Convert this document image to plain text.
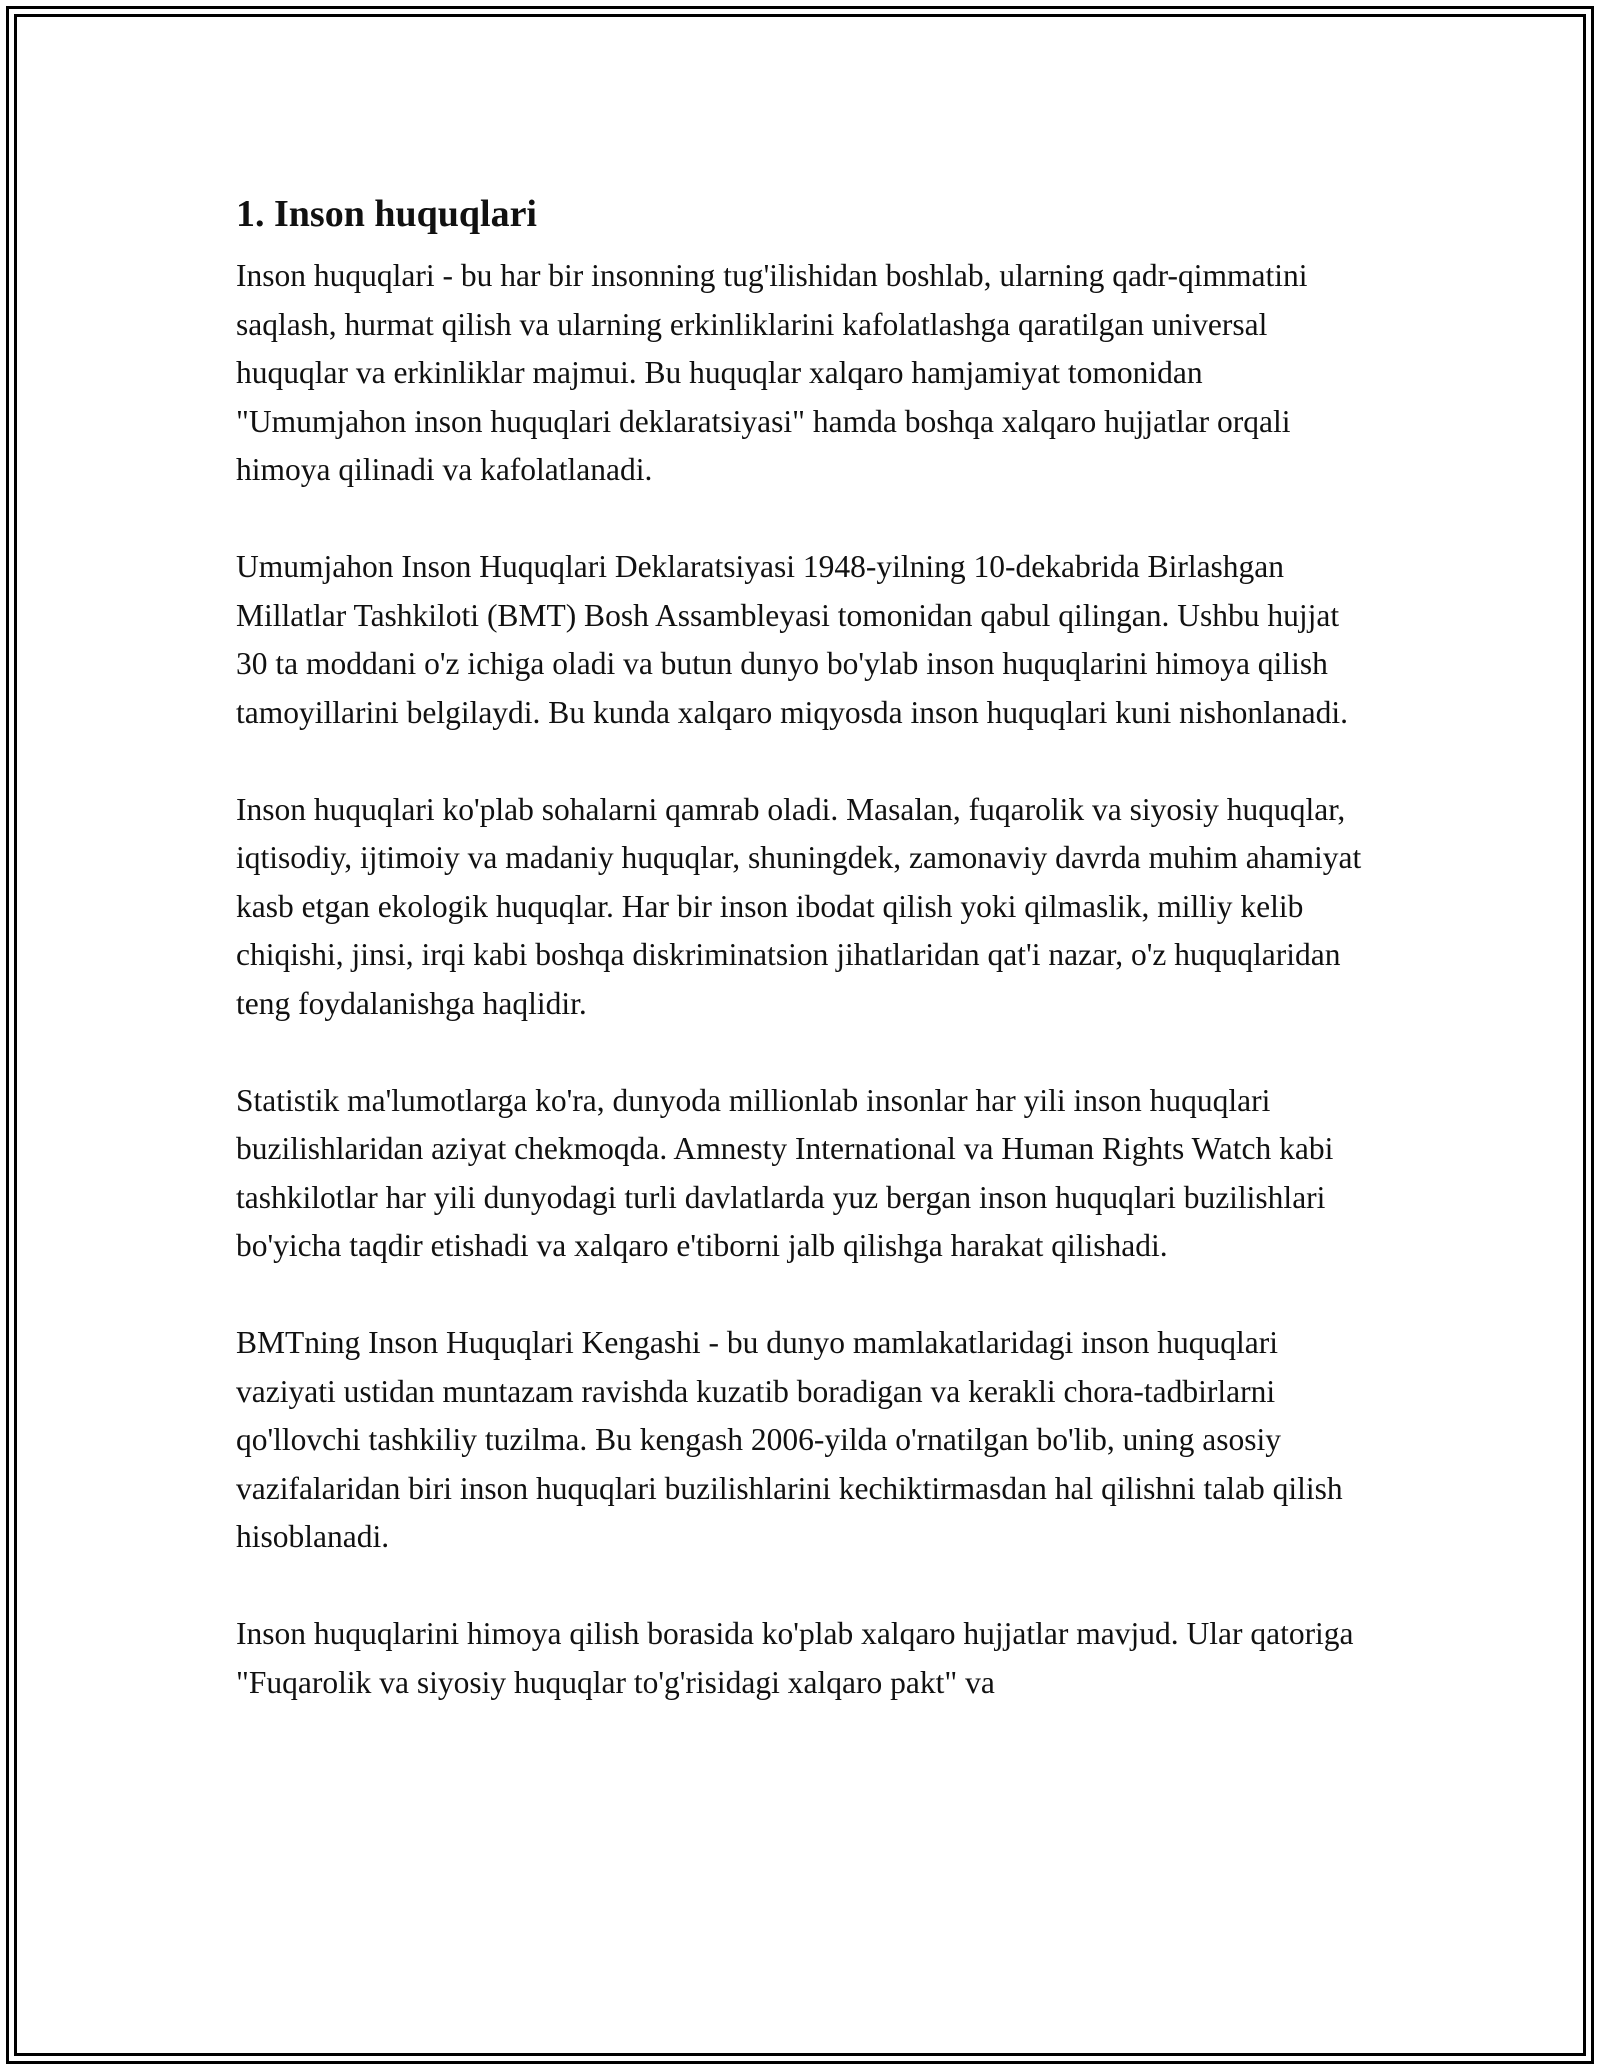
1. Inson huquqlari

Inson huquqlari - bu har bir insonning tug'ilishidan boshlab, ularning qadr-qimmatini saqlash, hurmat qilish va ularning erkinliklarini kafolatlashga qaratilgan universal huquqlar va erkinliklar majmui. Bu huquqlar xalqaro hamjamiyat tomonidan "Umumjahon inson huquqlari deklaratsiyasi" hamda boshqa xalqaro hujjatlar orqali himoya qilinadi va kafolatlanadi.

Umumjahon Inson Huquqlari Deklaratsiyasi 1948-yilning 10-dekabrida Birlashgan Millatlar Tashkiloti (BMT) Bosh Assambleyasi tomonidan qabul qilingan. Ushbu hujjat 30 ta moddani o'z ichiga oladi va butun dunyo bo'ylab inson huquqlarini himoya qilish tamoyillarini belgilaydi. Bu kunda xalqaro miqyosda inson huquqlari kuni nishonlanadi.

Inson huquqlari ko'plab sohalarni qamrab oladi. Masalan, fuqarolik va siyosiy huquqlar, iqtisodiy, ijtimoiy va madaniy huquqlar, shuningdek, zamonaviy davrda muhim ahamiyat kasb etgan ekologik huquqlar. Har bir inson ibodat qilish yoki qilmaslik, milliy kelib chiqishi, jinsi, irqi kabi boshqa diskriminatsion jihatlaridan qat'i nazar, o'z huquqlaridan teng foydalanishga haqlidir.

Statistik ma'lumotlarga ko'ra, dunyoda millionlab insonlar har yili inson huquqlari buzilishlaridan aziyat chekmoqda. Amnesty International va Human Rights Watch kabi tashkilotlar har yili dunyodagi turli davlatlarda yuz bergan inson huquqlari buzilishlari bo'yicha taqdir etishadi va xalqaro e'tiborni jalb qilishga harakat qilishadi.

BMTning Inson Huquqlari Kengashi - bu dunyo mamlakatlaridagi inson huquqlari vaziyati ustidan muntazam ravishda kuzatib boradigan va kerakli chora-tadbirlarni qo'llovchi tashkiliy tuzilma. Bu kengash 2006-yilda o'rnatilgan bo'lib, uning asosiy vazifalaridan biri inson huquqlari buzilishlarini kechiktirmasdan hal qilishni talab qilish hisoblanadi.

Inson huquqlarini himoya qilish borasida ko'plab xalqaro hujjatlar mavjud. Ular qatoriga "Fuqarolik va siyosiy huquqlar to'g'risidagi xalqaro pakt" va
